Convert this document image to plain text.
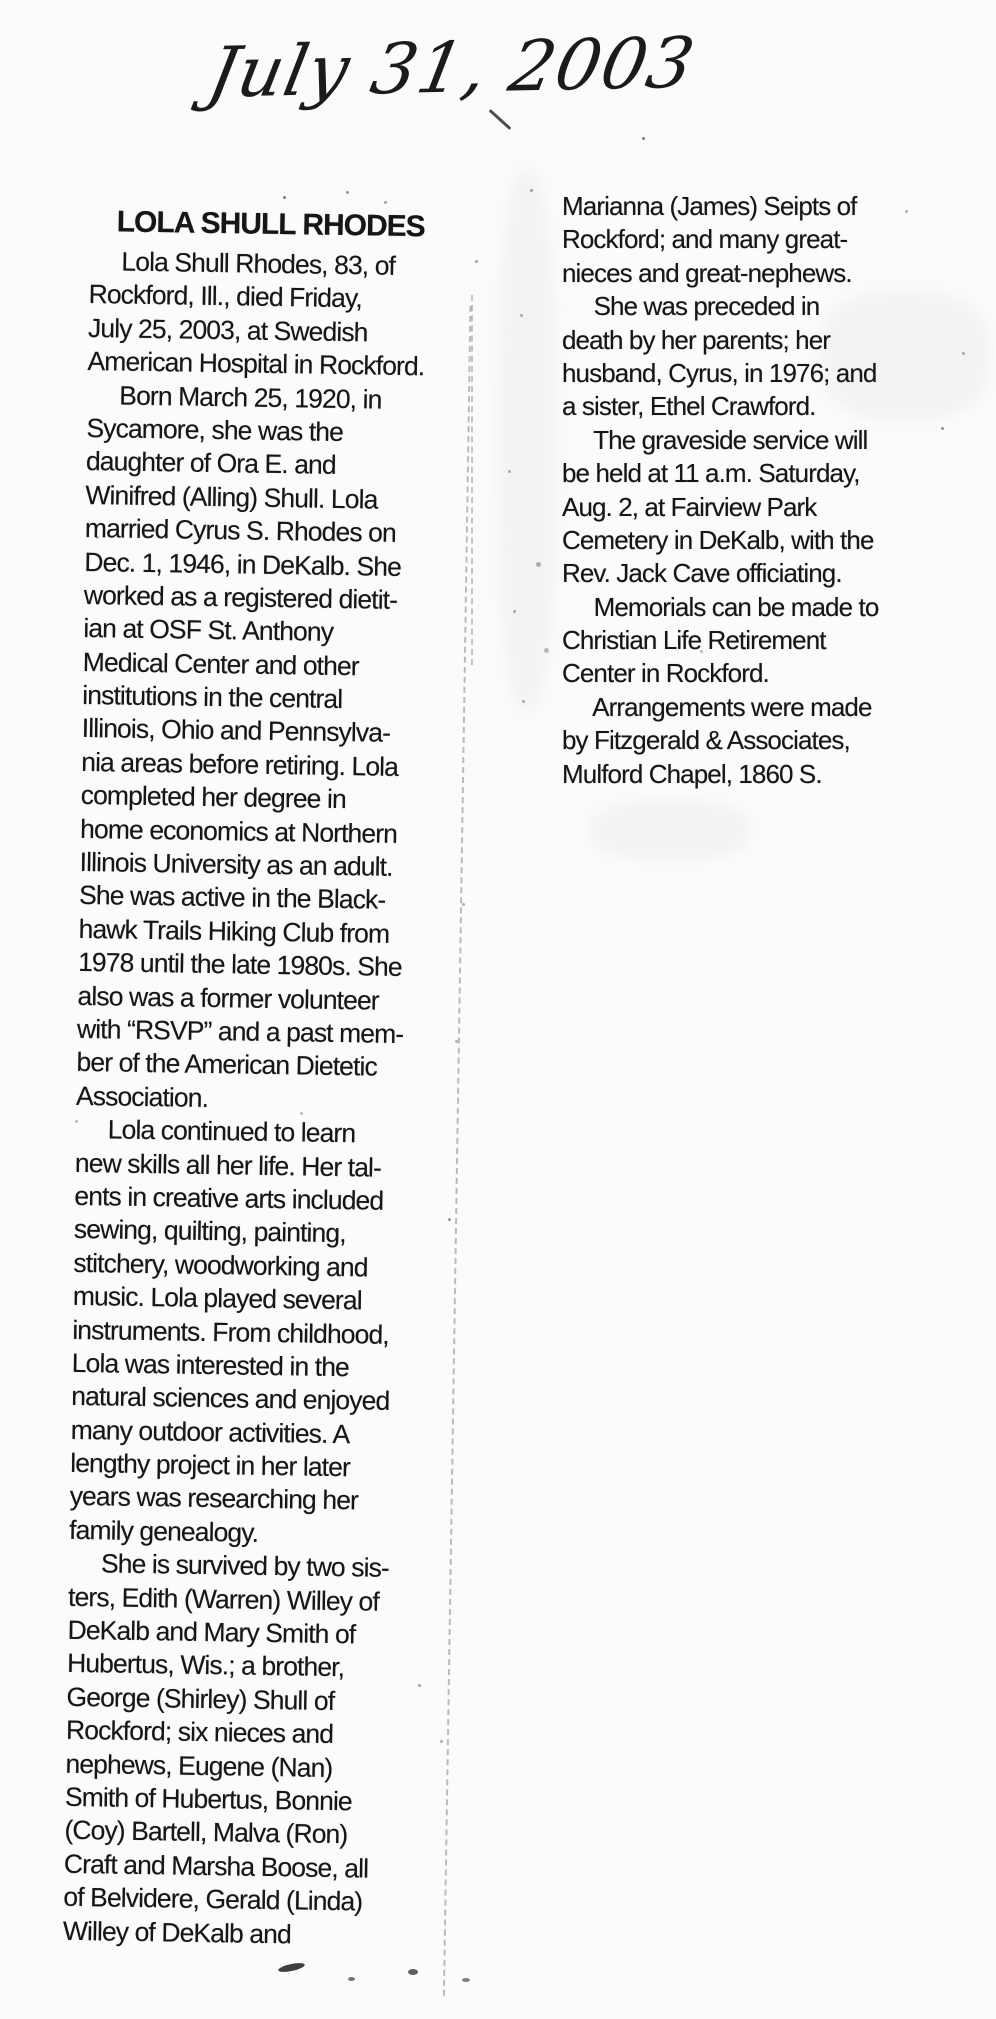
July 31, 2003
LOLA SHULL RHODES
Lola Shull Rhodes, 83, of
Rockford, Ill., died Friday,
July 25, 2003, at Swedish
American Hospital in Rockford.
Born March 25, 1920, in
Sycamore, she was the
daughter of Ora E. and
Winifred (Alling) Shull. Lola
married Cyrus S. Rhodes on
Dec. 1, 1946, in DeKalb. She
worked as a registered dietit-
ian at OSF St. Anthony
Medical Center and other
institutions in the central
Illinois, Ohio and Pennsylva-
nia areas before retiring. Lola
completed her degree in
home economics at Northern
Illinois University as an adult.
She was active in the Black-
hawk Trails Hiking Club from
1978 until the late 1980s. She
also was a former volunteer
with “RSVP” and a past mem-
ber of the American Dietetic
Association.
Lola continued to learn
new skills all her life. Her tal-
ents in creative arts included
sewing, quilting, painting,
stitchery, woodworking and
music. Lola played several
instruments. From childhood,
Lola was interested in the
natural sciences and enjoyed
many outdoor activities. A
lengthy project in her later
years was researching her
family genealogy.
She is survived by two sis-
ters, Edith (Warren) Willey of
DeKalb and Mary Smith of
Hubertus, Wis.; a brother,
George (Shirley) Shull of
Rockford; six nieces and
nephews, Eugene (Nan)
Smith of Hubertus, Bonnie
(Coy) Bartell, Malva (Ron)
Craft and Marsha Boose, all
of Belvidere, Gerald (Linda)
Willey of DeKalb and
Marianna (James) Seipts of
Rockford; and many great-
nieces and great-nephews.
She was preceded in
death by her parents; her
husband, Cyrus, in 1976; and
a sister, Ethel Crawford.
The graveside service will
be held at 11 a.m. Saturday,
Aug. 2, at Fairview Park
Cemetery in DeKalb, with the
Rev. Jack Cave officiating.
Memorials can be made to
Christian Life Retirement
Center in Rockford.
Arrangements were made
by Fitzgerald & Associates,
Mulford Chapel, 1860 S.
